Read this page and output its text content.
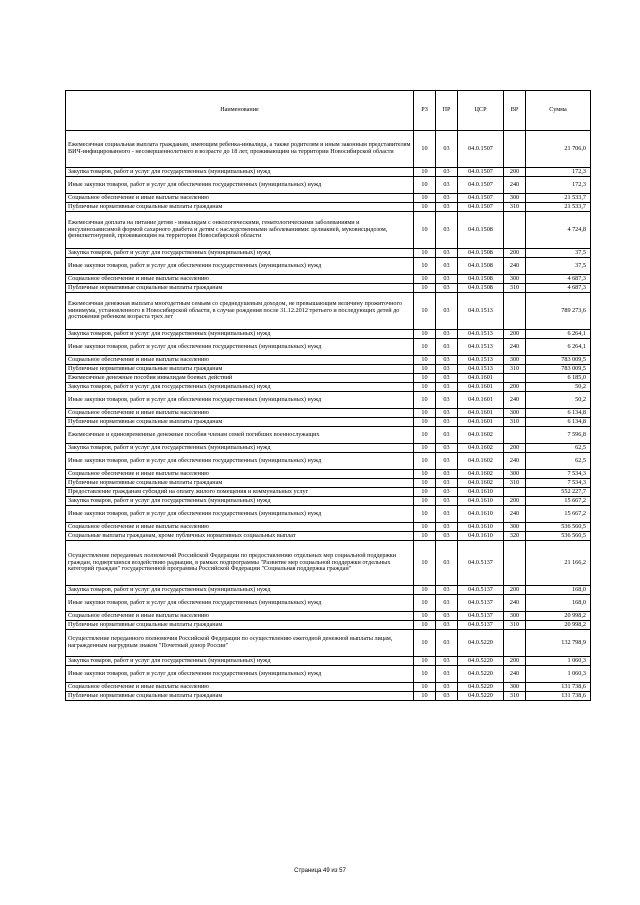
Наименование	РЗ	ПР	ЦСР	ВР	Сумма
Ежемесячная социальная выплата гражданам, имеющим ребенка-инвалида, а также родителям и иным законным представителям ВИЧ-инфицированного - несовершеннолетнего в возрасте до 18 лет, проживающим на территории Новосибирской области	10	03	04.0.1507		21 706,0
Закупка товаров, работ и услуг для государственных (муниципальных) нужд	10	03	04.0.1507	200	172,3
Иные закупки товаров, работ и услуг для обеспечения государственных (муниципальных) нужд	10	03	04.0.1507	240	172,3
Социальное обеспечение и иные выплаты населению	10	03	04.0.1507	300	21 533,7
Публичные нормативные социальные выплаты гражданам	10	03	04.0.1507	310	21 533,7
Ежемесячная доплата на питание детям - инвалидам с онкологическими, гематологическими заболеваниями и инсулинозависимой формой сахарного диабета и детям с наследственными заболеваниями: целиакией, муковисцидозом, фенилкетонурией, проживающим на территории Новосибирской области	10	03	04.0.1508		4 724,8
Закупка товаров, работ и услуг для государственных (муниципальных) нужд	10	03	04.0.1508	200	37,5
Иные закупки товаров, работ и услуг для обеспечения государственных (муниципальных) нужд	10	03	04.0.1508	240	37,5
Социальное обеспечение и иные выплаты населению	10	03	04.0.1508	300	4 687,3
Публичные нормативные социальные выплаты гражданам	10	03	04.0.1508	310	4 687,3
Ежемесячная денежная выплата многодетным семьям со среднедушевым доходом, не превышающим величину прожиточного минимума, установленного в Новосибирской области, в случае рождения после 31.12.2012 третьего и последующих детей до достижения ребенком возраста трех лет	10	03	04.0.1513		789 273,6
Закупка товаров, работ и услуг для государственных (муниципальных) нужд	10	03	04.0.1513	200	6 264,1
Иные закупки товаров, работ и услуг для обеспечения государственных (муниципальных) нужд	10	03	04.0.1513	240	6 264,1
Социальное обеспечение и иные выплаты населению	10	03	04.0.1513	300	783 009,5
Публичные нормативные социальные выплаты гражданам	10	03	04.0.1513	310	783 009,5
Ежемесячные денежные пособия инвалидам боевых действий	10	03	04.0.1601		6 185,0
Закупка товаров, работ и услуг для государственных (муниципальных) нужд	10	03	04.0.1601	200	50,2
Иные закупки товаров, работ и услуг для обеспечения государственных (муниципальных) нужд	10	03	04.0.1601	240	50,2
Социальное обеспечение и иные выплаты населению	10	03	04.0.1601	300	6 134,8
Публичные нормативные социальные выплаты гражданам	10	03	04.0.1601	310	6 134,8
Ежемесячные и единовременные денежные пособия членам семей погибших военнослужащих	10	03	04.0.1602		7 596,8
Закупка товаров, работ и услуг для государственных (муниципальных) нужд	10	03	04.0.1602	200	62,5
Иные закупки товаров, работ и услуг для обеспечения государственных (муниципальных) нужд	10	03	04.0.1602	240	62,5
Социальное обеспечение и иные выплаты населению	10	03	04.0.1602	300	7 534,3
Публичные нормативные социальные выплаты гражданам	10	03	04.0.1602	310	7 534,3
Предоставление гражданам субсидий на оплату жилого помещения и коммунальных услуг	10	03	04.0.1610		552 227,7
Закупка товаров, работ и услуг для государственных (муниципальных) нужд	10	03	04.0.1610	200	15 667,2
Иные закупки товаров, работ и услуг для обеспечения государственных (муниципальных) нужд	10	03	04.0.1610	240	15 667,2
Социальное обеспечение и иные выплаты населению	10	03	04.0.1610	300	536 560,5
Социальные выплаты гражданам, кроме публичных нормативных социальных выплат	10	03	04.0.1610	320	536 560,5
Осуществление переданных полномочий Российской Федерации по предоставлению отдельных мер социальной поддержки граждан, подвергшихся воздействию радиации, в рамках подпрограммы "Развитие мер социальной поддержки отдельных категорий граждан" государственной программы Российской Федерации "Социальная поддержка граждан"	10	03	04.0.5137		21 166,2
Закупка товаров, работ и услуг для государственных (муниципальных) нужд	10	03	04.0.5137	200	168,0
Иные закупки товаров, работ и услуг для обеспечения государственных (муниципальных) нужд	10	03	04.0.5137	240	168,0
Социальное обеспечение и иные выплаты населению	10	03	04.0.5137	300	20 998,2
Публичные нормативные социальные выплаты гражданам	10	03	04.0.5137	310	20 998,2
Осуществление переданного полномочия Российской Федерации по осуществлению ежегодной денежной выплаты лицам, награжденным нагрудным знаком "Почетный донор России"	10	03	04.0.5220		132 798,9
Закупка товаров, работ и услуг для государственных (муниципальных) нужд	10	03	04.0.5220	200	1 060,3
Иные закупки товаров, работ и услуг для обеспечения государственных (муниципальных) нужд	10	03	04.0.5220	240	1 060,3
Социальное обеспечение и иные выплаты населению	10	03	04.0.5220	300	131 738,6
Публичные нормативные социальные выплаты гражданам	10	03	04.0.5220	310	131 738,6
Страница 49 из 57
